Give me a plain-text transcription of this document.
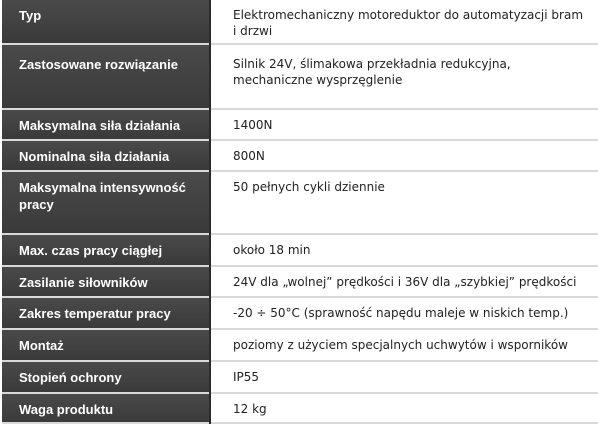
Typ	Elektromechaniczny motoreduktor do automatyzacji bram i drzwi
Zastosowane rozwiązanie	Silnik 24V, ślimakowa przekładnia redukcyjna, mechaniczne wysprzęglenie
Maksymalna siła działania	1400N
Nominalna siła działania	800N
Maksymalna intensywność pracy	50 pełnych cykli dziennie
Max. czas pracy ciągłej	około 18 min
Zasilanie siłowników	24V dla „wolnej” prędkości i 36V dla „szybkiej” prędkości
Zakres temperatur pracy	-20 ÷ 50°C (sprawność napędu maleje w niskich temp.)
Montaż	poziomy z użyciem specjalnych uchwytów i wsporników
Stopień ochrony	IP55
Waga produktu	12 kg
